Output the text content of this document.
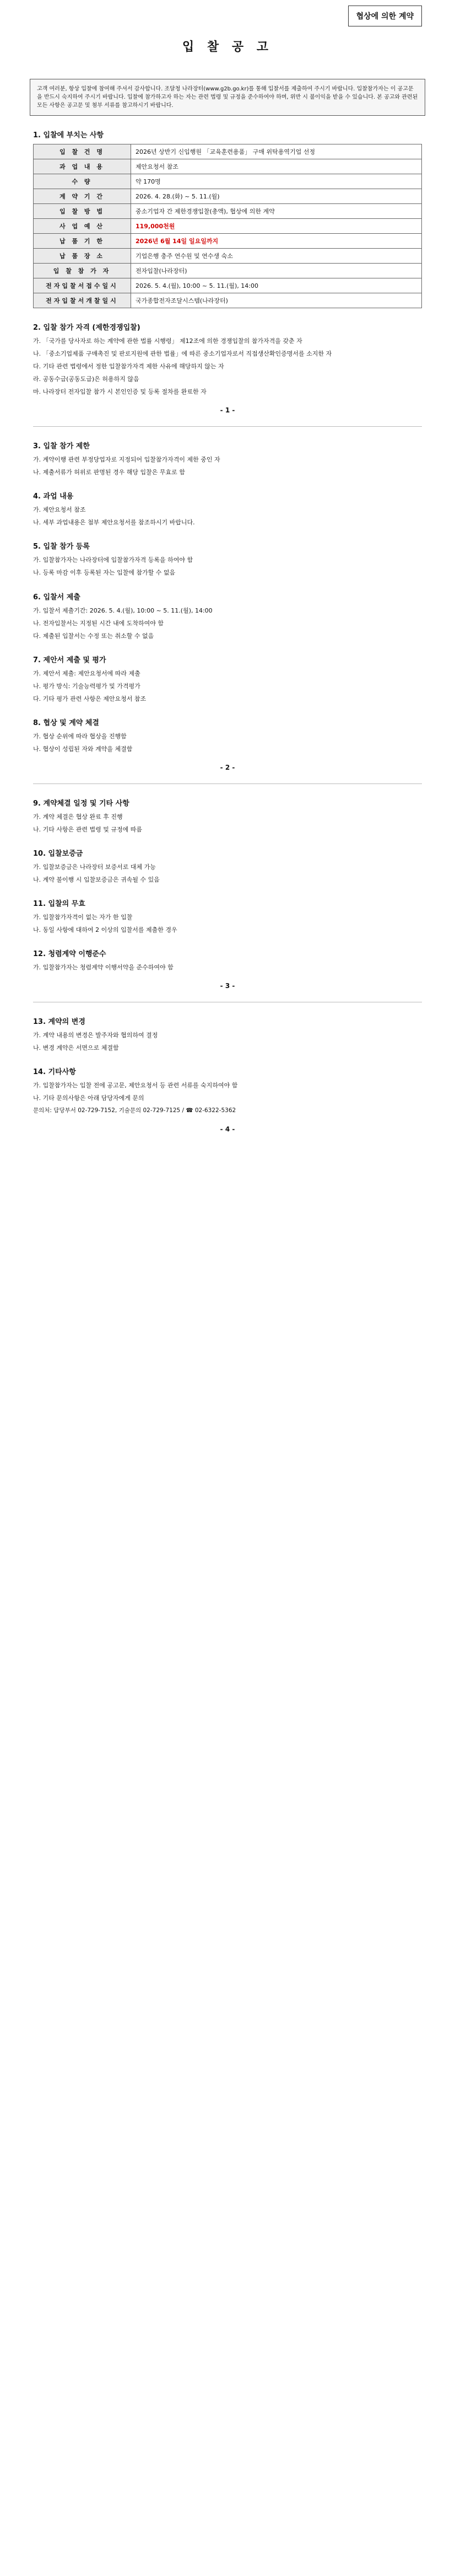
협상에 의한 계약
입 찰 공 고
고객 여러분, 항상 입찰에 참여해 주셔서 감사합니다. 조달청 나라장터(www.g2b.go.kr)를 통해 입찰서를 제출하여 주시기 바랍니다. 입찰참가자는 이 공고문을 반드시 숙지하여 주시기 바랍니다. 입찰에 참가하고자 하는 자는 관련 법령 및 규정을 준수하여야 하며, 위반 시 불이익을 받을 수 있습니다. 본 공고와 관련된 모든 사항은 공고문 및 첨부 서류를 참고하시기 바랍니다.
1. 입찰에 부치는 사항
입 찰 건 명	2026년 상반기 신입행원 「교육훈련용품」 구매 위탁용역기업 선정
과 업 내 용	제안요청서 참조
수 량	약 170명
계 약 기 간	2026. 4. 28.(화) ~ 5. 11.(월)
입 찰 방 법	중소기업자 간 제한경쟁입찰(총액), 협상에 의한 계약
사 업 예 산	119,000천원
납 품 기 한	2026년 6월 14일 일요일까지
납 품 장 소	기업은행 충주 연수원 및 연수생 숙소
입 찰 참 가 자	전자입찰(나라장터)
전자입찰서접수일시	2026. 5. 4.(월), 10:00 ~ 5. 11.(월), 14:00
전자입찰서개찰일시	국가종합전자조달시스템(나라장터)
2. 입찰 참가 자격 (제한경쟁입찰)
가. 「국가를 당사자로 하는 계약에 관한 법률 시행령」 제12조에 의한 경쟁입찰의 참가자격을 갖춘 자
나. 「중소기업제품 구매촉진 및 판로지원에 관한 법률」에 따른 중소기업자로서 직접생산확인증명서를 소지한 자
다. 기타 관련 법령에서 정한 입찰참가자격 제한 사유에 해당하지 않는 자
라. 공동수급(공동도급)은 허용하지 않음
마. 나라장터 전자입찰 참가 시 본인인증 및 등록 절차를 완료한 자
- 1 -
3. 입찰 참가 제한
가. 계약이행 관련 부정당업자로 지정되어 입찰참가자격이 제한 중인 자
나. 제출서류가 허위로 판명된 경우 해당 입찰은 무효로 함
4. 과업 내용
가. 제안요청서 참조
나. 세부 과업내용은 첨부 제안요청서를 참조하시기 바랍니다.
5. 입찰 참가 등록
가. 입찰참가자는 나라장터에 입찰참가자격 등록을 하여야 함
나. 등록 마감 이후 등록된 자는 입찰에 참가할 수 없음
6. 입찰서 제출
가. 입찰서 제출기간: 2026. 5. 4.(월), 10:00 ~ 5. 11.(월), 14:00
나. 전자입찰서는 지정된 시간 내에 도착하여야 함
다. 제출된 입찰서는 수정 또는 취소할 수 없음
7. 제안서 제출 및 평가
가. 제안서 제출: 제안요청서에 따라 제출
나. 평가 방식: 기술능력평가 및 가격평가
다. 기타 평가 관련 사항은 제안요청서 참조
8. 협상 및 계약 체결
가. 협상 순위에 따라 협상을 진행함
나. 협상이 성립된 자와 계약을 체결함
- 2 -
9. 계약체결 일정 및 기타 사항
가. 계약 체결은 협상 완료 후 진행
나. 기타 사항은 관련 법령 및 규정에 따름
10. 입찰보증금
가. 입찰보증금은 나라장터 보증서로 대체 가능
나. 계약 불이행 시 입찰보증금은 귀속될 수 있음
11. 입찰의 무효
가. 입찰참가자격이 없는 자가 한 입찰
나. 동일 사항에 대하여 2 이상의 입찰서를 제출한 경우
12. 청렴계약 이행준수
가. 입찰참가자는 청렴계약 이행서약을 준수하여야 함
- 3 -
13. 계약의 변경
가. 계약 내용의 변경은 발주자와 협의하여 결정
나. 변경 계약은 서면으로 체결함
14. 기타사항
가. 입찰참가자는 입찰 전에 공고문, 제안요청서 등 관련 서류를 숙지하여야 함
나. 기타 문의사항은 아래 담당자에게 문의
문의처: 담당부서 02-729-7152, 기술문의 02-729-7125 / ☎ 02-6322-5362
- 4 -
